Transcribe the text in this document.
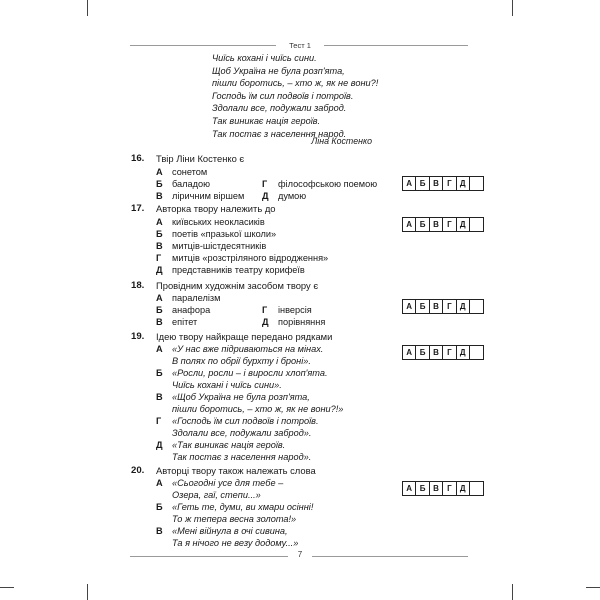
Тест 1
Чиїсь кохані і чиїсь сини.
Щоб Україна не була розп'ята,
пішли боротись, – хто ж, як не вони?!
Господь їм сил подвоїв і потроїв.
Здолали все, подужали заброд.
Так виникає нація героїв.
Так постає з населення народ.
Ліна Костенко
16. Твір Ліни Костенко є
А сонетом
Б баладою
В ліричним віршем
Г філософською поемою
Д думою
А Б В	Г	Д
17. Авторка твору належить до
А київських неокласиків
Б поетів «празької школи»
В митців-шістдесятників
Г митців «розстріляного відродження»
Д представників театру корифеїв
А Б В	Г	Д
18. Провідним художнім засобом твору є
А паралелізм
Б анафора
В епітет
Г інверсія
Д порівняння
А Б В	Г	Д
19. Ідею твору найкраще передано рядками
А «У нас вже підриваються на мінах.
В полях по обрії бурхту і броні».
Б «Росли, росли – і виросли хлоп'ята.
Чиїсь кохані і чиїсь сини».
В «Щоб Україна не була розп'ята,
пішли боротись, – хто ж, як не вони?!»
Г «Господь їм сил подвоїв і потроїв.
Здолали все, подужали заброд».
Д «Так виникає нація героїв.
Так постає з населення народ».
А Б В	Г	Д
20. Авторці твору також належать слова
А «Сьогодні усе для тебе –
Озера, гаї, степи...»
Б «Геть те, думи, ви хмари осінні!
То ж тепера весна золота!»
В «Мені війнула в очі сивина,
Та я нічого не везу додому...»
А Б В	Г	Д
7
